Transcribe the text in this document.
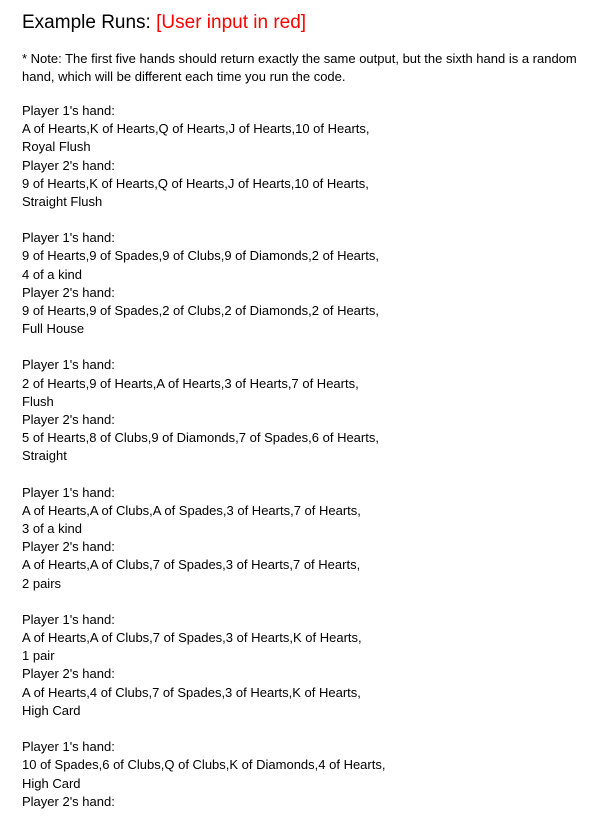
Example Runs: [User input in red]

* Note: The first five hands should return exactly the same output, but the sixth hand is a random hand, which will be different each time you run the code.

Player 1's hand:
A of Hearts,K of Hearts,Q of Hearts,J of Hearts,10 of Hearts,
Royal Flush
Player 2's hand:
9 of Hearts,K of Hearts,Q of Hearts,J of Hearts,10 of Hearts,
Straight Flush
Player 1's hand:
9 of Hearts,9 of Spades,9 of Clubs,9 of Diamonds,2 of Hearts,
4 of a kind
Player 2's hand:
9 of Hearts,9 of Spades,2 of Clubs,2 of Diamonds,2 of Hearts,
Full House
Player 1's hand:
2 of Hearts,9 of Hearts,A of Hearts,3 of Hearts,7 of Hearts,
Flush
Player 2's hand:
5 of Hearts,8 of Clubs,9 of Diamonds,7 of Spades,6 of Hearts,
Straight
Player 1's hand:
A of Hearts,A of Clubs,A of Spades,3 of Hearts,7 of Hearts,
3 of a kind
Player 2's hand:
A of Hearts,A of Clubs,7 of Spades,3 of Hearts,7 of Hearts,
2 pairs
Player 1's hand:
A of Hearts,A of Clubs,7 of Spades,3 of Hearts,K of Hearts,
1 pair
Player 2's hand:
A of Hearts,4 of Clubs,7 of Spades,3 of Hearts,K of Hearts,
High Card
Player 1's hand:
10 of Spades,6 of Clubs,Q of Clubs,K of Diamonds,4 of Hearts,
High Card
Player 2's hand:
